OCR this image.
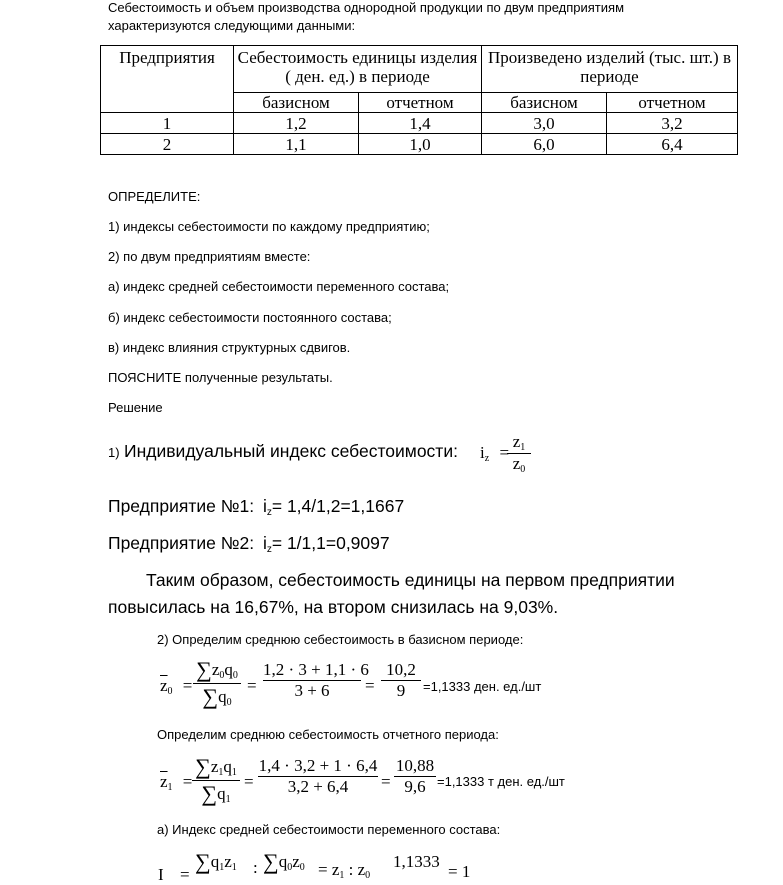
Себестоимость и объем производства однородной продукции по двум предприятиям
характеризуются следующими данными:
Предприятия	Себестоимость единицы изделия ( ден. ед.) в периоде		Произведено изделий (тыс. шт.) в периоде	
	базисном	отчетном	базисном	отчетном
1	1,2	1,4	3,0	3,2
2	1,1	1,0	6,0	6,4
ОПРЕДЕЛИТЕ:
1) индексы себестоимости по каждому предприятию;
2) по двум предприятиям вместе:
а) индекс средней себестоимости переменного состава;
б) индекс себестоимости постоянного состава;
в) индекс влияния структурных сдвигов.
ПОЯСНИТЕ полученные результаты.
Решение
1) Индивидуальный индекс себестоимости: $i_z$ =
$z_1$
$z_0$
Предприятие №1: $i_z= 1,4/1,2=1,1667$
Предприятие №2: $i_z= 1/1,1=0,9097$
Таким образом, себестоимость единицы на первом предприятии
повысилась на 16,67%, на втором снизилась на 9,03%.
2) Определим среднюю себестоимость в базисном периоде:
$\overline{z}_0$ =
$\sum z_0q_0$
$\sum q_0$
=
1,2 · 3 + 1,1 · 6
3 + 6	=
10,2
9	=1,1333 ден. ед./шт
Определим среднюю себестоимость отчетного периода:
$\overline{z}_1$ =
$\sum z_1q_1$
$\sum q_1$
=
1,4 · 3,2 + 1 · 6,4
3,2 + 6,4	=
10,88
9,6 =1,1333 т ден. ед./шт
а) Индекс средней себестоимости переменного состава:
I =
$\sum q_1z_1$ : $\sum q_0z_0 = z_1$ : $z_0$
1,1333
= 1
